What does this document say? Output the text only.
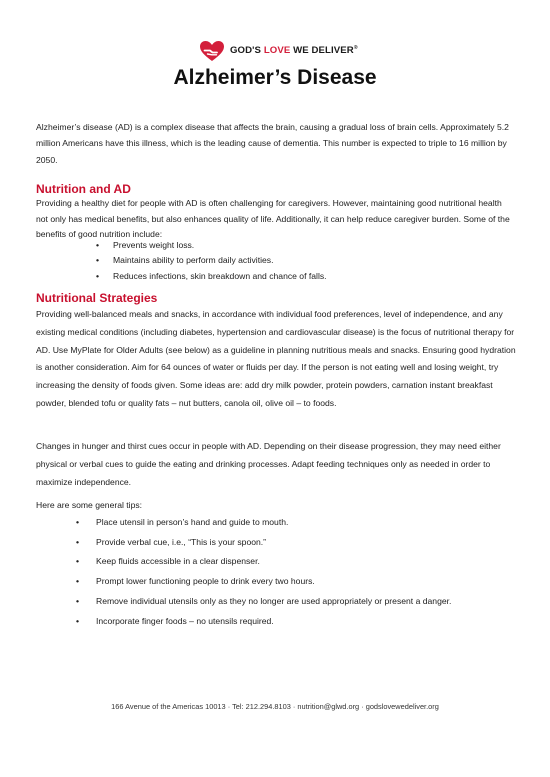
GOD'S LOVE WE DELIVER®
Alzheimer’s Disease

Alzheimer’s disease (AD) is a complex disease that affects the brain, causing a gradual loss of brain cells. Approximately 5.2 million Americans have this illness, which is the leading cause of dementia. This number is expected to triple to 16 million by 2050.

Nutrition and AD

Providing a healthy diet for people with AD is often challenging for caregivers. However, maintaining good nutritional health not only has medical benefits, but also enhances quality of life. Additionally, it can help reduce caregiver burden. Some of the benefits of good nutrition include:

• Prevents weight loss.
• Maintains ability to perform daily activities.
• Reduces infections, skin breakdown and chance of falls.
Nutritional Strategies

Providing well-balanced meals and snacks, in accordance with individual food preferences, level of independence, and any existing medical conditions (including diabetes, hypertension and cardiovascular disease) is the focus of nutritional therapy for AD. Use MyPlate for Older Adults (see below) as a guideline in planning nutritious meals and snacks. Ensuring good hydration is another consideration. Aim for 64 ounces of water or fluids per day. If the person is not eating well and losing weight, try increasing the density of foods given. Some ideas are: add dry milk powder, protein powders, carnation instant breakfast powder, blended tofu or quality fats – nut butters, canola oil, olive oil – to foods.

Changes in hunger and thirst cues occur in people with AD. Depending on their disease progression, they may need either physical or verbal cues to guide the eating and drinking processes. Adapt feeding techniques only as needed in order to maximize independence.

Here are some general tips:

• Place utensil in person’s hand and guide to mouth.
• Provide verbal cue, i.e., “This is your spoon.”
• Keep fluids accessible in a clear dispenser.
• Prompt lower functioning people to drink every two hours.
• Remove individual utensils only as they no longer are used appropriately or present a danger.
• Incorporate finger foods – no utensils required.

166 Avenue of the Americas 10013 · Tel: 212.294.8103 · nutrition@glwd.org · godslovewedeliver.org
